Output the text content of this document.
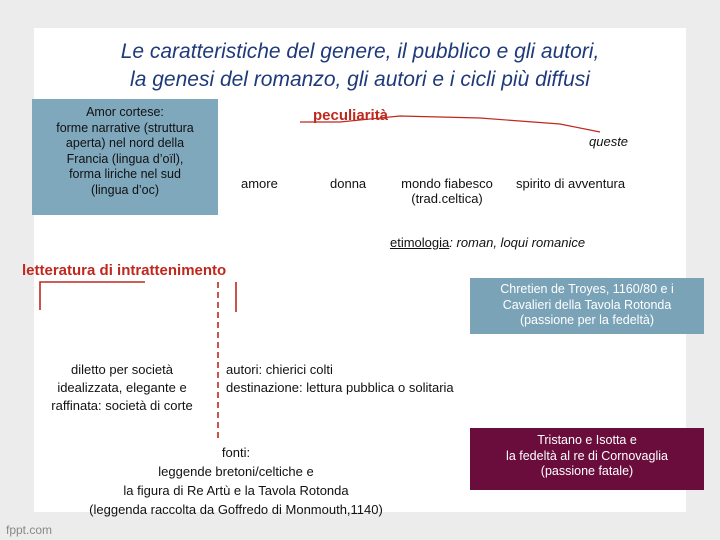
Le caratteristiche del genere, il pubblico e gli autori,
la genesi del romanzo, gli autori e i cicli più diffusi
Amor cortese:
forme narrative (struttura
aperta) nel nord della
Francia (lingua d’oïl),
forma liriche nel sud
(lingua d’oc)
peculiarità
queste
amore	donna	mondo fiabesco
(trad.celtica)
spirito di avventura
etimologia: roman, loqui romanice
letteratura di intrattenimento
Chretien de Troyes, 1160/80 e i
Cavalieri della Tavola Rotonda
(passione per la fedeltà)
diletto per società
idealizzata, elegante e
raffinata: società di corte
autori: chierici colti
destinazione: lettura pubblica o solitaria
fonti:
leggende bretoni/celtiche e
la figura di Re Artù e la Tavola Rotonda
(leggenda raccolta da Goffredo di Monmouth,1140)
Tristano e Isotta e
la fedeltà al re di Cornovaglia
(passione fatale)
fppt.com
